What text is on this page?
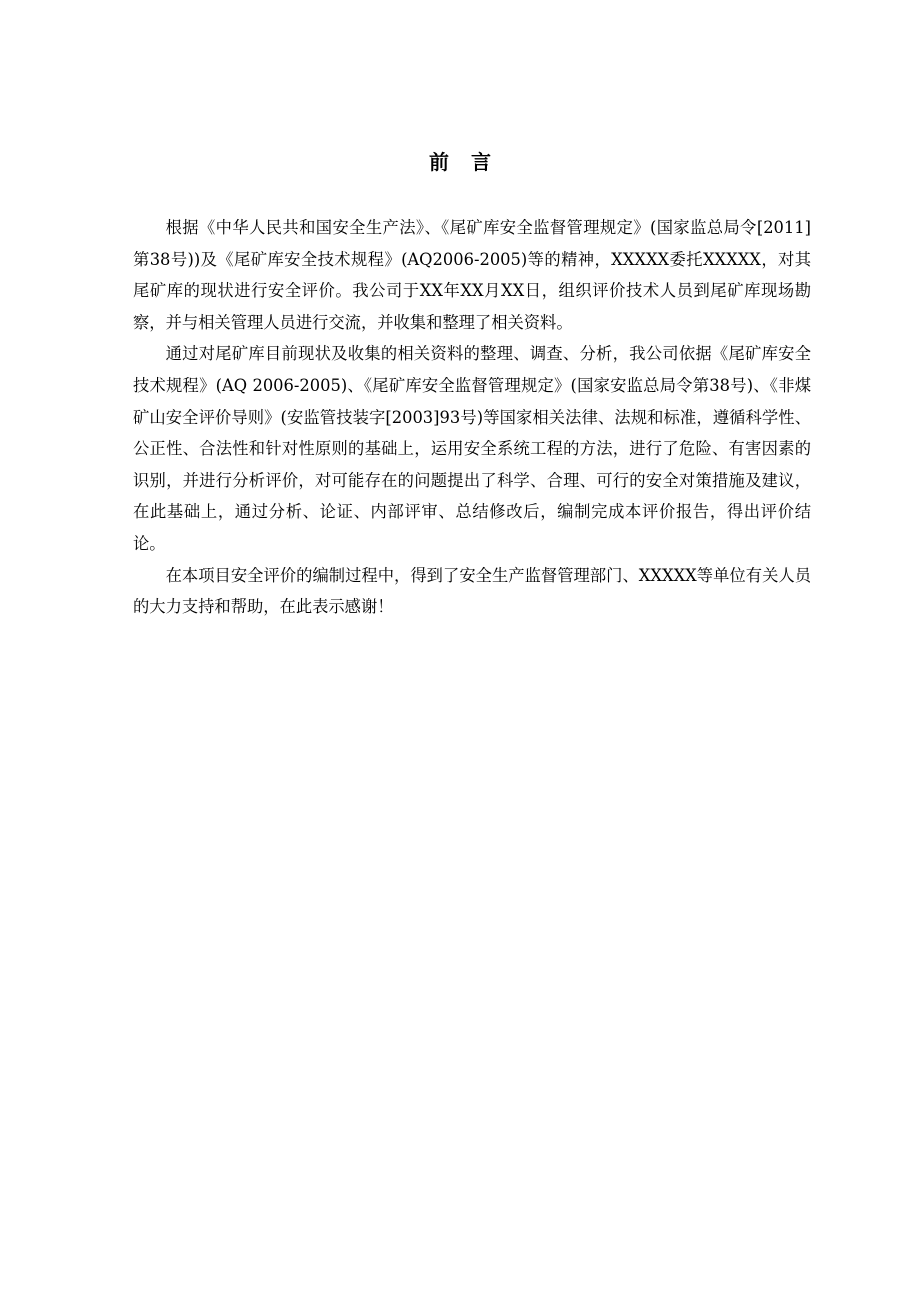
前 言

根据《中华人民共和国安全生产法》、《尾矿库安全监督管理规定》(国家监总局令[2011]第38号))及《尾矿库安全技术规程》(AQ2006-2005)等的精神，XXXXX委托XXXXX，对其尾矿库的现状进行安全评价。我公司于XX年XX月XX日，组织评价技术人员到尾矿库现场勘察，并与相关管理人员进行交流，并收集和整理了相关资料。

通过对尾矿库目前现状及收集的相关资料的整理、调查、分析，我公司依据《尾矿库安全技术规程》(AQ 2006-2005)、《尾矿库安全监督管理规定》(国家安监总局令第38号)、《非煤矿山安全评价导则》(安监管技装字[2003]93号)等国家相关法律、法规和标准，遵循科学性、公正性、合法性和针对性原则的基础上，运用安全系统工程的方法，进行了危险、有害因素的识别，并进行分析评价，对可能存在的问题提出了科学、合理、可行的安全对策措施及建议，在此基础上，通过分析、论证、内部评审、总结修改后，编制完成本评价报告，得出评价结论。

在本项目安全评价的编制过程中，得到了安全生产监督管理部门、XXXXX等单位有关人员的大力支持和帮助，在此表示感谢！
